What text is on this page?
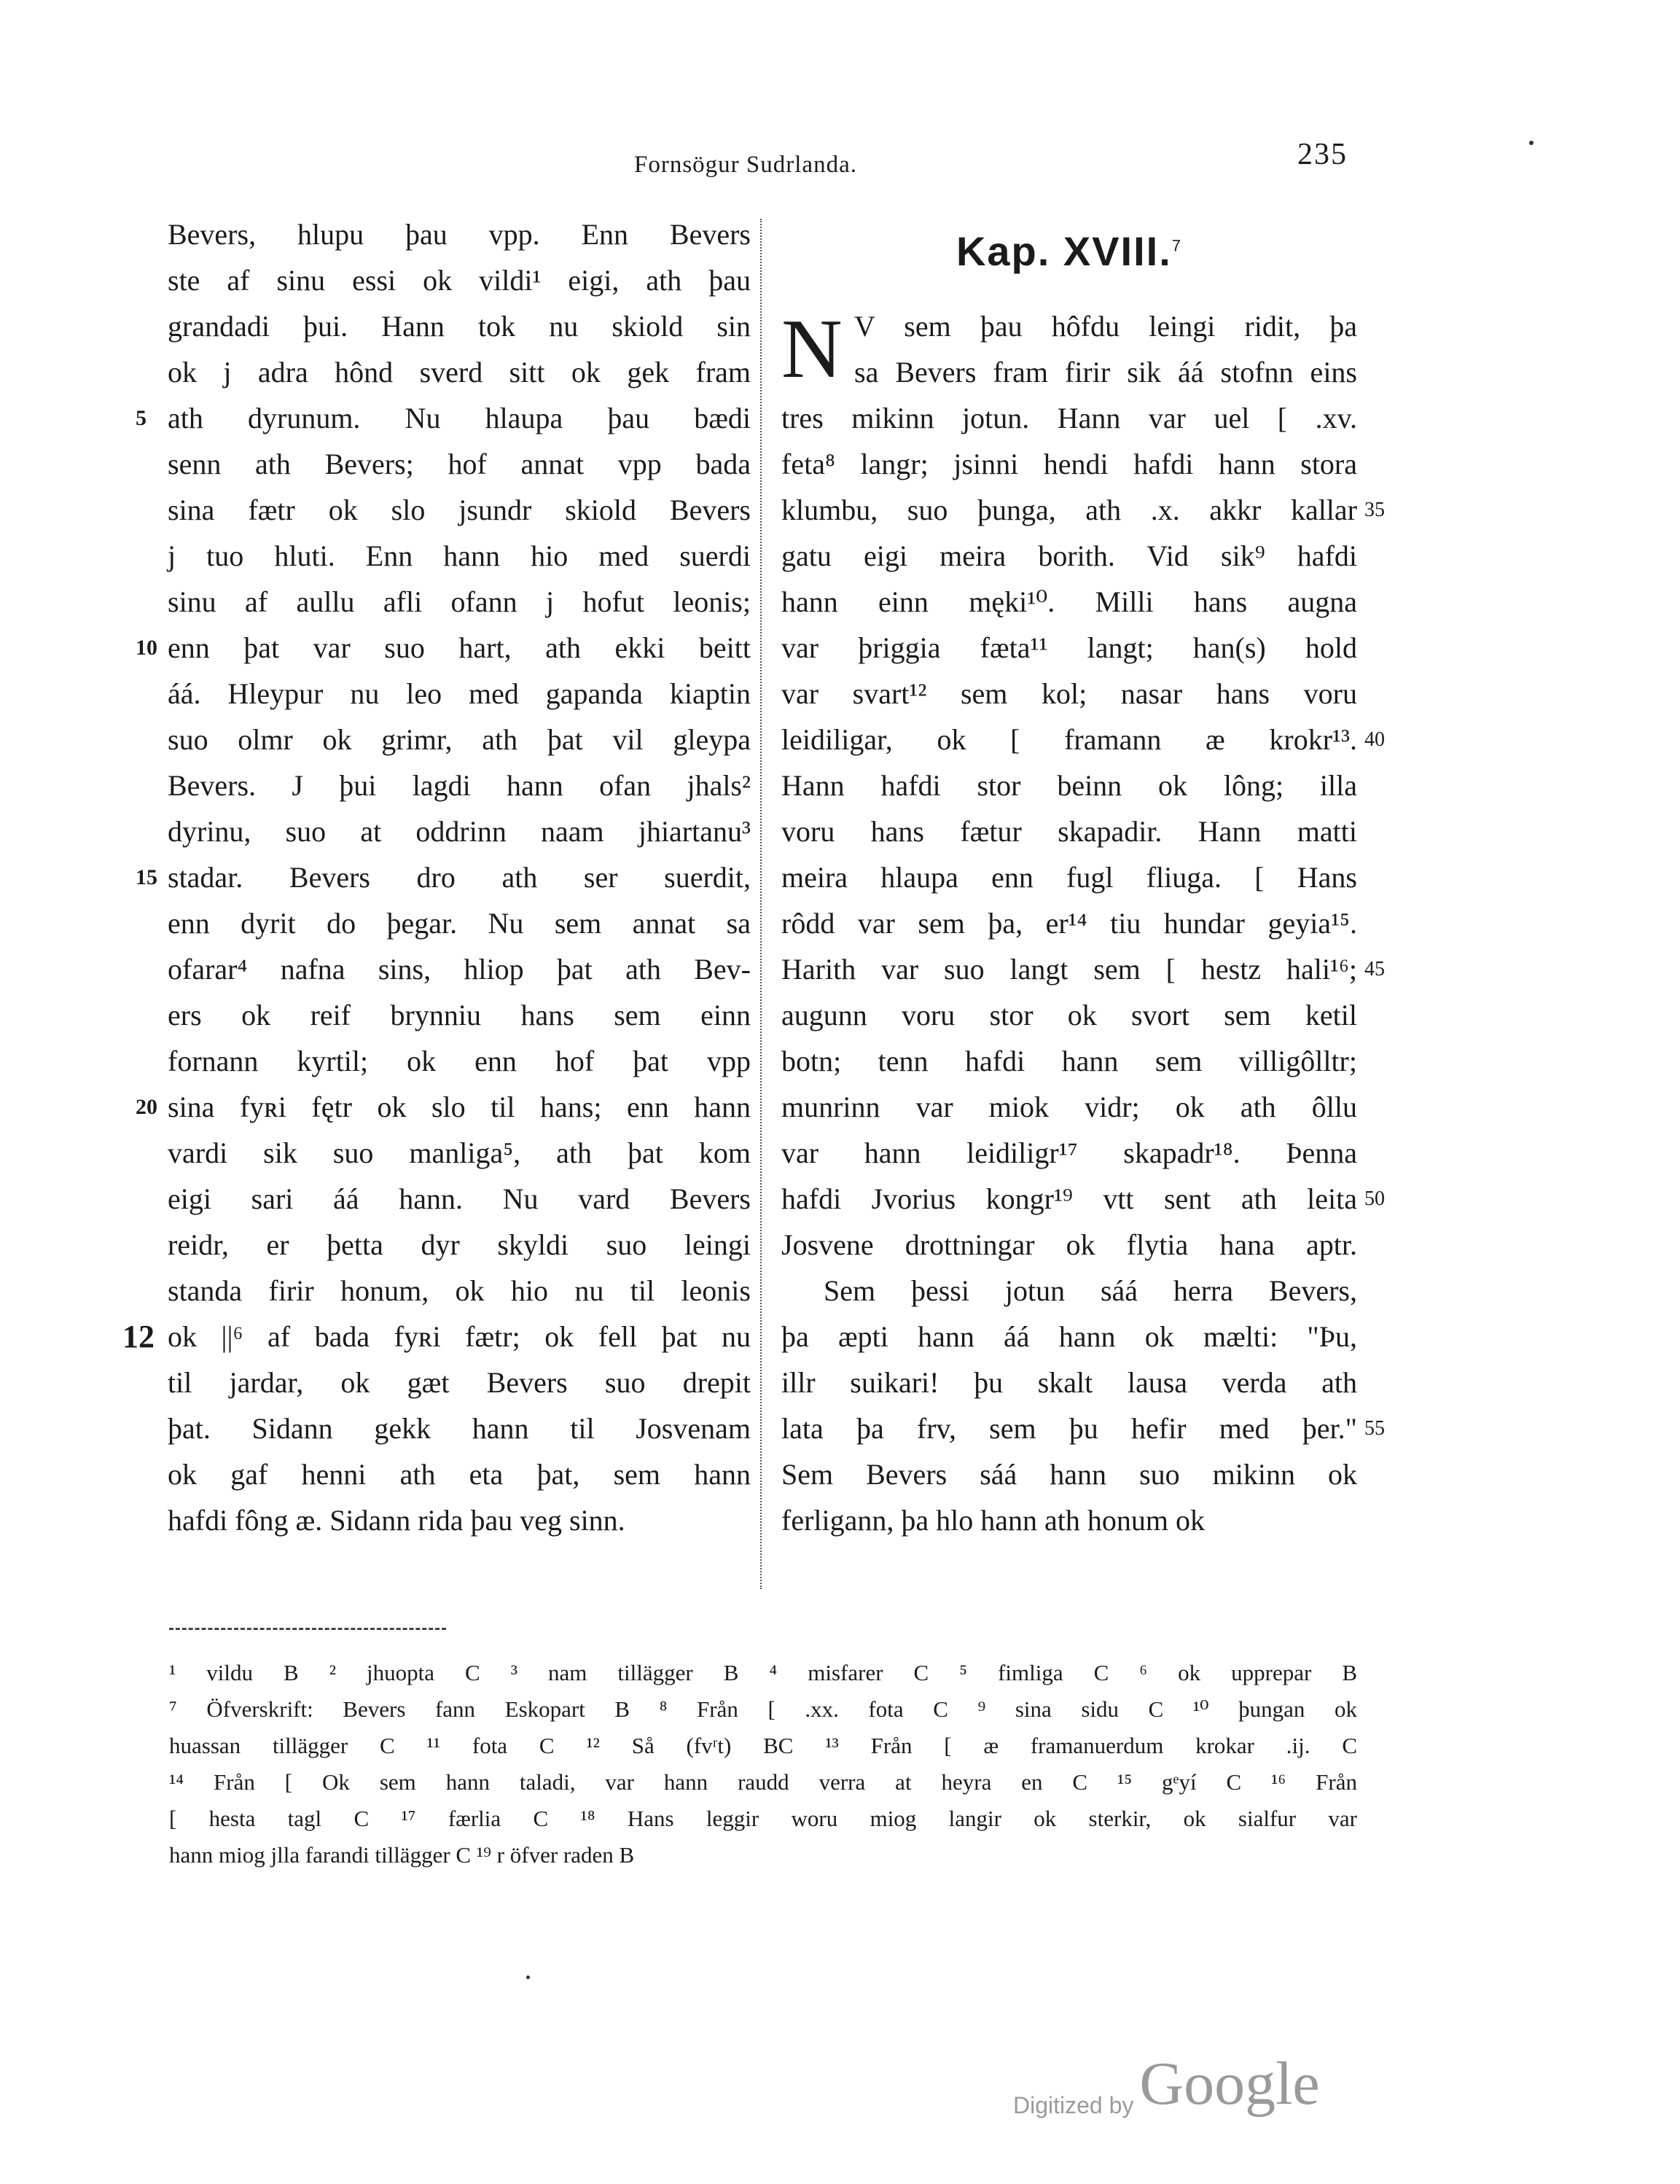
Fornsögur Sudrlanda.	235
Bevers, hlupu þau vpp. Enn Bevers
ste af sinu essi ok vildi¹ eigi, ath þau
grandadi þui. Hann tok nu skiold sin
ok j adra hônd sverd sitt ok gek fram
5 ath dyrunum. Nu hlaupa þau bædi
senn ath Bevers; hof annat vpp bada
sina fætr ok slo jsundr skiold Bevers
j tuo hluti. Enn hann hio med suerdi
sinu af aullu afli ofann j hofut leonis;
10 enn þat var suo hart, ath ekki beitt
áá. Hleypur nu leo med gapanda kiaptin
suo olmr ok grimr, ath þat vil gleypa
Bevers. J þui lagdi hann ofan jhals²
dyrinu, suo at oddrinn naam jhiartanu³
15 stadar. Bevers dro ath ser suerdit,
enn dyrit do þegar. Nu sem annat sa
ofarar⁴ nafna sins, hliop þat ath Bev-
ers ok reif brynniu hans sem einn
fornann kyrtil; ok enn hof þat vpp
20 sina fyʀi fętr ok slo til hans; enn hann
vardi sik suo manliga⁵, ath þat kom
eigi sari áá hann. Nu vard Bevers
reidr, er þetta dyr skyldi suo leingi
standa firir honum, ok hio nu til leonis
12 ok ||⁶ af bada fyʀi fætr; ok fell þat nu
til jardar, ok gæt Bevers suo drepit
þat. Sidann gekk hann til Josvenam
ok gaf henni ath eta þat, sem hann
hafdi fông æ. Sidann rida þau veg sinn.
Kap. XVIII.$^7$
V sem þau hôfdu leingi ridit, þa
sa Bevers fram firir sik áá stofnn eins
tres mikinn jotun. Hann var uel [ .xv.
feta⁸ langr; jsinni hendi hafdi hann stora
klumbu, suo þunga, ath .x. akkr kallar 35
gatu eigi meira borith. Vid sik⁹ hafdi
hann einn męki¹⁰. Milli hans augna
var þriggia fæta¹¹ langt; han(s) hold
var svart¹² sem kol; nasar hans voru
leidiligar, ok [ framann æ krokr¹³. 40
Hann hafdi stor beinn ok lông; illa
voru hans fætur skapadir. Hann matti
meira hlaupa enn fugl fliuga. [ Hans
rôdd var sem þa, er¹⁴ tiu hundar geyia¹⁵.
Harith var suo langt sem [ hestz hali¹⁶; 45
augunn voru stor ok svort sem ketil
botn; tenn hafdi hann sem villigôlltr;
munrinn var miok vidr; ok ath ôllu
var hann leidiligr¹⁷ skapadr¹⁸. Þenna
hafdi Jvorius kongr¹⁹ vtt sent ath leita 50
Josvene drottningar ok flytia hana aptr.
Sem þessi jotun sáá herra Bevers,
þa æpti hann áá hann ok mælti: "Þu,
illr suikari! þu skalt lausa verda ath
lata þa frv, sem þu hefir med þer." 55
Sem Bevers sáá hann suo mikinn ok
ferligann, þa hlo hann ath honum ok
N
¹ vildu B ² jhuopta C ³ nam tillägger B ⁴ misfarer C ⁵ fimliga C ⁶ ok upprepar B
⁷ Öfverskrift: Bevers fann Eskopart B ⁸ Från [ .xx. fota C ⁹ sina sidu C ¹⁰ þungan ok
huassan tillägger C ¹¹ fota C ¹² Så (fvʳt) BC ¹³ Från [ æ framanuerdum krokar .ij. C
¹⁴ Från [ Ok sem hann taladi, var hann raudd verra at heyra en C ¹⁵ gᵉyí C ¹⁶ Från
[ hesta tagl C ¹⁷ færlia C ¹⁸ Hans leggir woru miog langir ok sterkir, ok sialfur var
hann miog jlla farandi tillägger C ¹⁹ r öfver raden B
Digitized byGoogle
